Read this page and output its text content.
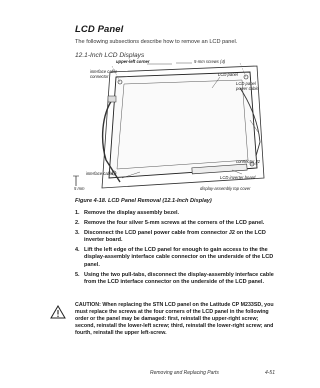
LCD Panel
The following subsections describe how to remove an LCD panel.
12.1-Inch LCD Displays
upper-left corner	5-mm screws (4)
interface cable
connector	LCD panel
LCD panel
power cable
connector J2
interface cable
LCD inverter board
5 mm	display-assembly top cover
Figure 4-18. LCD Panel Removal (12.1-Inch Display)
1. Remove the display assembly bezel.
2. Remove the four silver 5-mm screws at the corners of the LCD panel.
3. Disconnect the LCD panel power cable from connector J2 on the LCD inverter board.
4. Lift the left edge of the LCD panel for enough to gain access to the the display-assembly interface cable connector on the underside of the LCD panel.
5. Using the two pull-tabs, disconnect the display-assembly interface cable from the LCD interface connector on the underside of the LCD panel.
CAUTION: When replacing the STN LCD panel on the Latitude CP M233SD, you must replace the screws at the four corners of the LCD panel in the following order or the panel may be damaged: first, reinstall the upper-right screw; second, reinstall the lower-left screw; third, reinstall the lower-right screw; and fourth, reinstall the upper left-screw.
Removing and Replacing Parts	4-51
